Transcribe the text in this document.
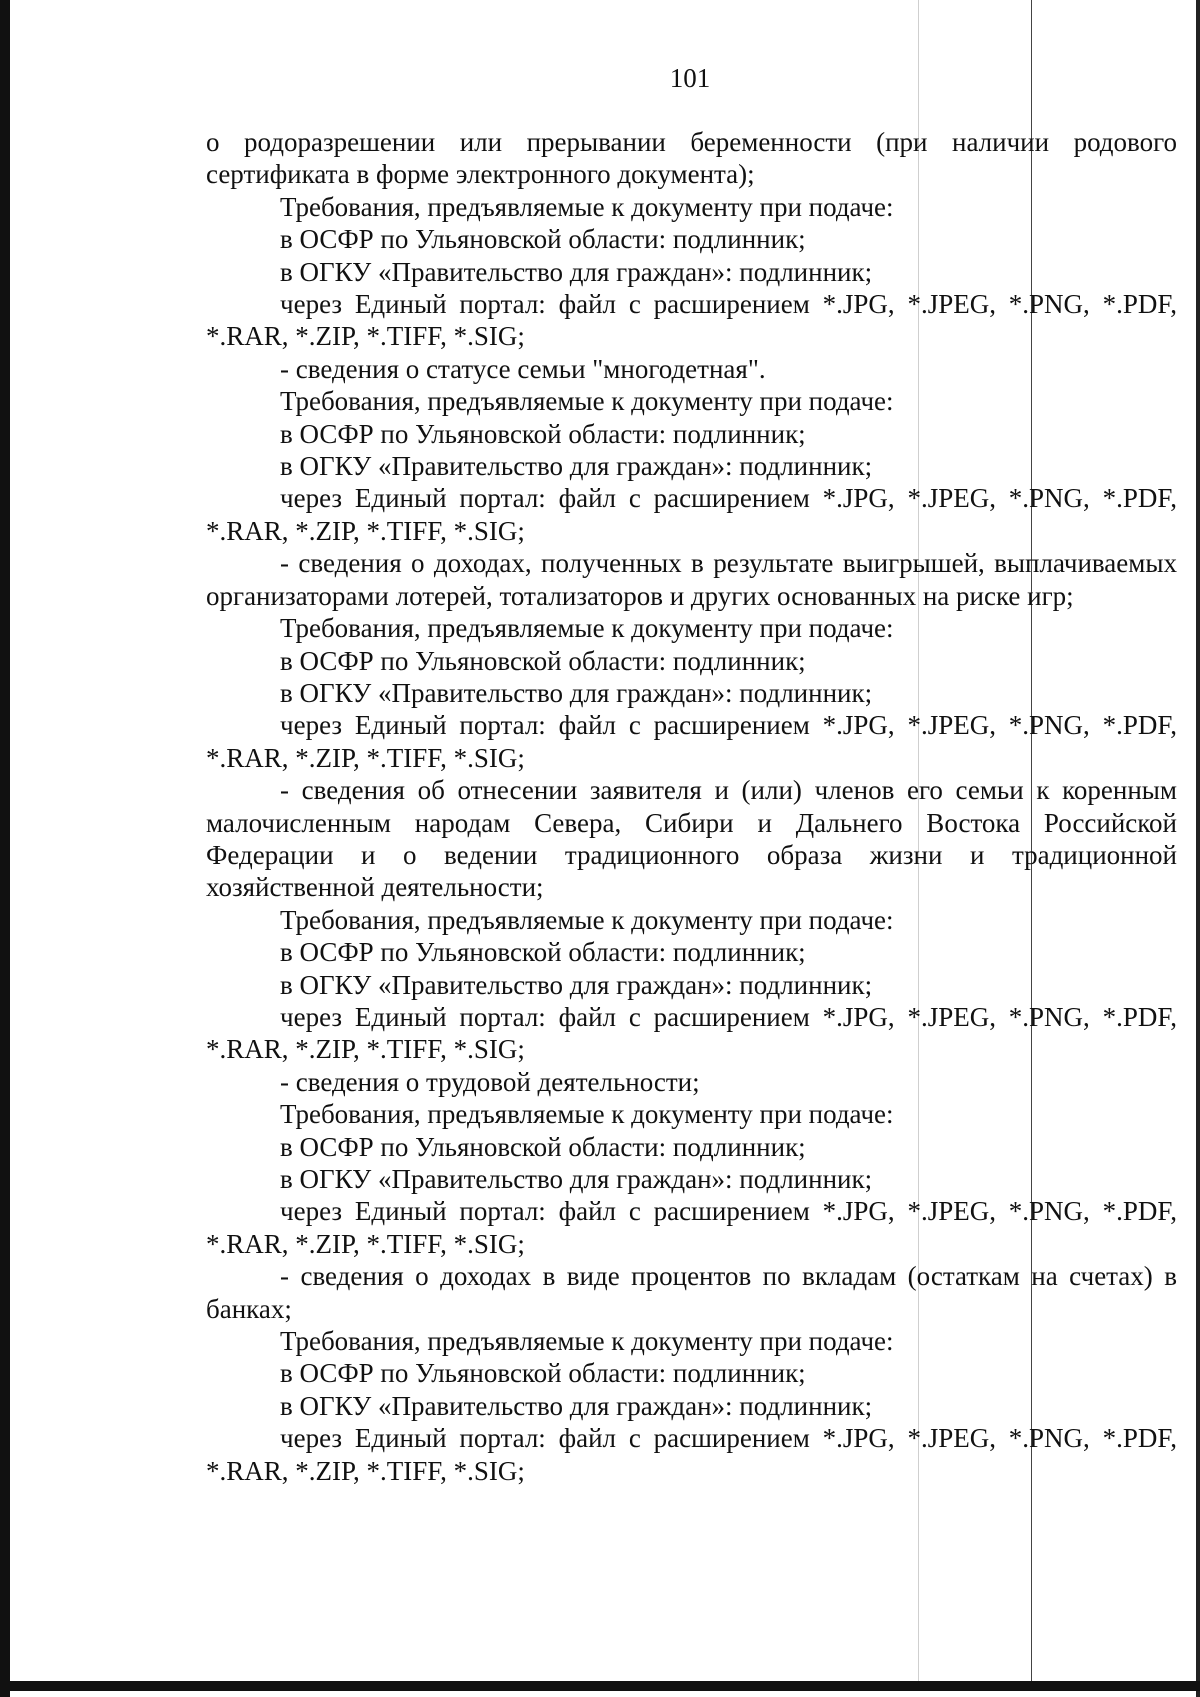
101

о родоразрешении или прерывании беременности (при наличии родового сертификата в форме электронного документа);

Требования, предъявляемые к документу при подаче:

в ОСФР по Ульяновской области: подлинник;

в ОГКУ «Правительство для граждан»: подлинник;

через Единый портал: файл с расширением *.JPG, *.JPEG, *.PNG, *.PDF, *.RAR, *.ZIP, *.TIFF, *.SIG;

- сведения о статусе семьи "многодетная".

Требования, предъявляемые к документу при подаче:

в ОСФР по Ульяновской области: подлинник;

в ОГКУ «Правительство для граждан»: подлинник;

через Единый портал: файл с расширением *.JPG, *.JPEG, *.PNG, *.PDF, *.RAR, *.ZIP, *.TIFF, *.SIG;

- сведения о доходах, полученных в результате выигрышей, выплачиваемых организаторами лотерей, тотализаторов и других основанных на риске игр;

Требования, предъявляемые к документу при подаче:

в ОСФР по Ульяновской области: подлинник;

в ОГКУ «Правительство для граждан»: подлинник;

через Единый портал: файл с расширением *.JPG, *.JPEG, *.PNG, *.PDF, *.RAR, *.ZIP, *.TIFF, *.SIG;

- сведения об отнесении заявителя и (или) членов его семьи к коренным малочисленным народам Севера, Сибири и Дальнего Востока Российской Федерации и о ведении традиционного образа жизни и традиционной хозяйственной деятельности;

Требования, предъявляемые к документу при подаче:

в ОСФР по Ульяновской области: подлинник;

в ОГКУ «Правительство для граждан»: подлинник;

через Единый портал: файл с расширением *.JPG, *.JPEG, *.PNG, *.PDF, *.RAR, *.ZIP, *.TIFF, *.SIG;

- сведения о трудовой деятельности;

Требования, предъявляемые к документу при подаче:

в ОСФР по Ульяновской области: подлинник;

в ОГКУ «Правительство для граждан»: подлинник;

через Единый портал: файл с расширением *.JPG, *.JPEG, *.PNG, *.PDF, *.RAR, *.ZIP, *.TIFF, *.SIG;

- сведения о доходах в виде процентов по вкладам (остаткам на счетах) в банках;

Требования, предъявляемые к документу при подаче:

в ОСФР по Ульяновской области: подлинник;

в ОГКУ «Правительство для граждан»: подлинник;

через Единый портал: файл с расширением *.JPG, *.JPEG, *.PNG, *.PDF, *.RAR, *.ZIP, *.TIFF, *.SIG;
